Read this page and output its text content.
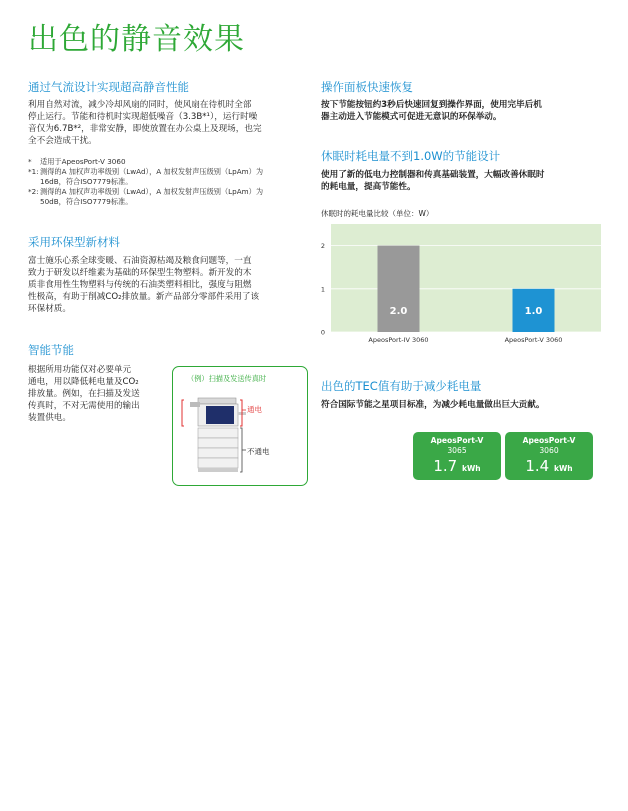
出色的静音效果
通过气流设计实现超高静音性能
利用自然对流，减少冷却风扇的同时，使风扇在待机时全部
停止运行。节能和待机时实现超低噪音（3.3B*¹），运行时噪
音仅为6.7B*²，非常安静，即使放置在办公桌上及现场，也完
全不会造成干扰。
*	适用于ApeosPort-V 3060
*1: 测得的A 加权声功率级别（LwAd），A 加权发射声压级别（LpAm）为
16dB，符合ISO7779标准。
*2: 测得的A 加权声功率级别（LwAd），A 加权发射声压级别（LpAm）为
50dB，符合ISO7779标准。
采用环保型新材料
富士施乐心系全球变暖、石油资源枯竭及粮食问题等，一直
致力于研发以纤维素为基础的环保型生物塑料。新开发的木
质非食用性生物塑料与传统的石油类塑料相比，强度与阻燃
性极高，有助于削减CO₂排放量。新产品部分零部件采用了该
环保材质。
智能节能
根据所用功能仅对必要单元
通电，用以降低耗电量及CO₂
排放量。例如，在扫描及发送
传真时，不对无需使用的输出
装置供电。
（例）扫描及发送传真时
通电
不通电
操作面板快速恢复
按下节能按钮约3秒后快速回复到操作界面，使用完毕后机
器主动进入节能模式可促进无意识的环保举动。
休眠时耗电量不到1.0W的节能设计
使用了新的低电力控制器和传真基础装置，大幅改善休眠时
的耗电量，提高节能性。
休眠时的耗电量比较（单位：W）
0
1
2
2.0
ApeosPort-IV 3060
1.0
ApeosPort-V 3060
出色的TEC值有助于减少耗电量
符合国际节能之星项目标准，为减少耗电量做出巨大贡献。
ApeosPort-V
3065
1.7 kWh
ApeosPort-V
3060
1.4 kWh
